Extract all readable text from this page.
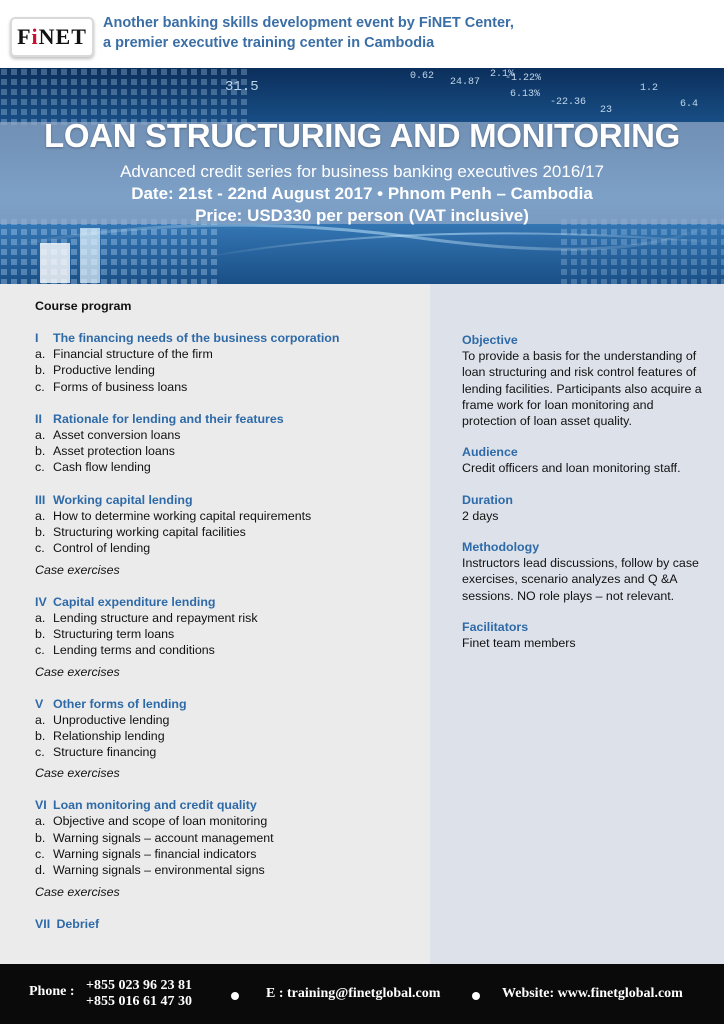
F i NET
Another banking skills development event by FiNET Center,
a premier executive training center in Cambodia
0.62
24.87
2.1%
-1.22%
6.13%
-22.36
31.5
23
1.2
6.4
LOAN STRUCTURING AND MONITORING
Advanced credit series for business banking executives 2016/17
Date: 21st - 22nd August 2017 • Phnom Penh – Cambodia
Price: USD330 per person (VAT inclusive)
Course program
I The financing needs of the business corporation
a. Financial structure of the firm
b. Productive lending
c. Forms of business loans
II Rationale for lending and their features
a. Asset conversion loans
b. Asset protection loans
c. Cash flow lending
III Working capital lending
a. How to determine working capital requirements
b. Structuring working capital facilities
c. Control of lending
Case exercises
IV Capital expenditure lending
a. Lending structure and repayment risk
b. Structuring term loans
c. Lending terms and conditions
Case exercises
V Other forms of lending
a. Unproductive lending
b. Relationship lending
c. Structure financing
Case exercises
VI Loan monitoring and credit quality
a. Objective and scope of loan monitoring
b. Warning signals – account management
c. Warning signals – financial indicators
d. Warning signals – environmental signs
Case exercises
VII Debrief
Objective
To provide a basis for the understanding of loan structuring and risk control features of lending facilities. Participants also acquire a frame work for loan monitoring and protection of loan asset quality.
Audience
Credit officers and loan monitoring staff.
Duration
2 days
Methodology
Instructors lead discussions, follow by case exercises, scenario analyzes and Q &A sessions. NO role plays – not relevant.
Facilitators
Finet team members
Phone : +855 023 96 23 81
+855 016 61 47 30
E : training@finetglobal.com	Website: www.finetglobal.com
